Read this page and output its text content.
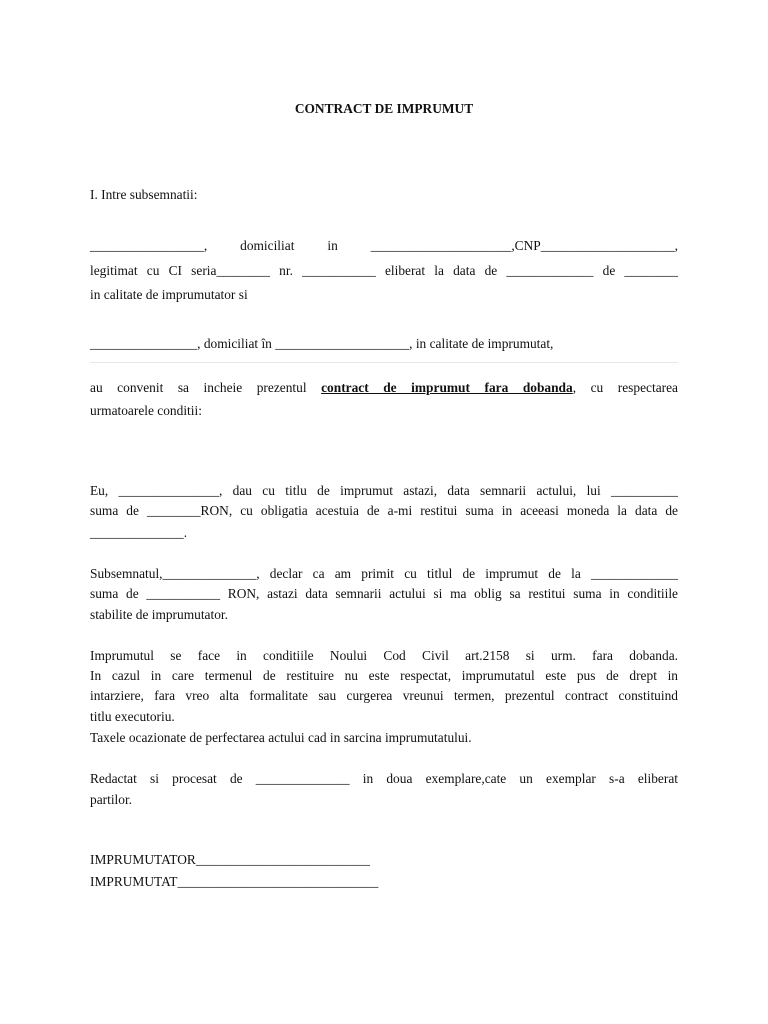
CONTRACT DE IMPRUMUT
I. Intre subsemnatii:
_________________, domiciliat in _____________________,CNP____________________,
legitimat cu CI seria________ nr. ___________ eliberat la data de _____________ de ________
in calitate de imprumutator si
________________, domiciliat în ____________________, in calitate de imprumutat,
au convenit sa incheie prezentul contract de imprumut fara dobanda, cu respectarea
urmatoarele conditii:
Eu, _______________, dau cu titlu de imprumut astazi, data semnarii actului, lui __________
suma de ________RON, cu obligatia acestuia de a-mi restitui suma in aceeasi moneda la data de
______________.
Subsemnatul,______________, declar ca am primit cu titlul de imprumut de la _____________
suma de ___________ RON, astazi data semnarii actului si ma oblig sa restitui suma in conditiile
stabilite de imprumutator.
Imprumutul se face in conditiile Noului Cod Civil art.2158 si urm. fara dobanda.
In cazul in care termenul de restituire nu este respectat, imprumutatul este pus de drept in
intarziere, fara vreo alta formalitate sau curgerea vreunui termen, prezentul contract constituind
titlu executoriu.
Taxele ocazionate de perfectarea actului cad in sarcina imprumutatului.
Redactat si procesat de ______________ in doua exemplare,cate un exemplar s-a eliberat
partilor.
IMPRUMUTATOR__________________________
IMPRUMUTAT______________________________
